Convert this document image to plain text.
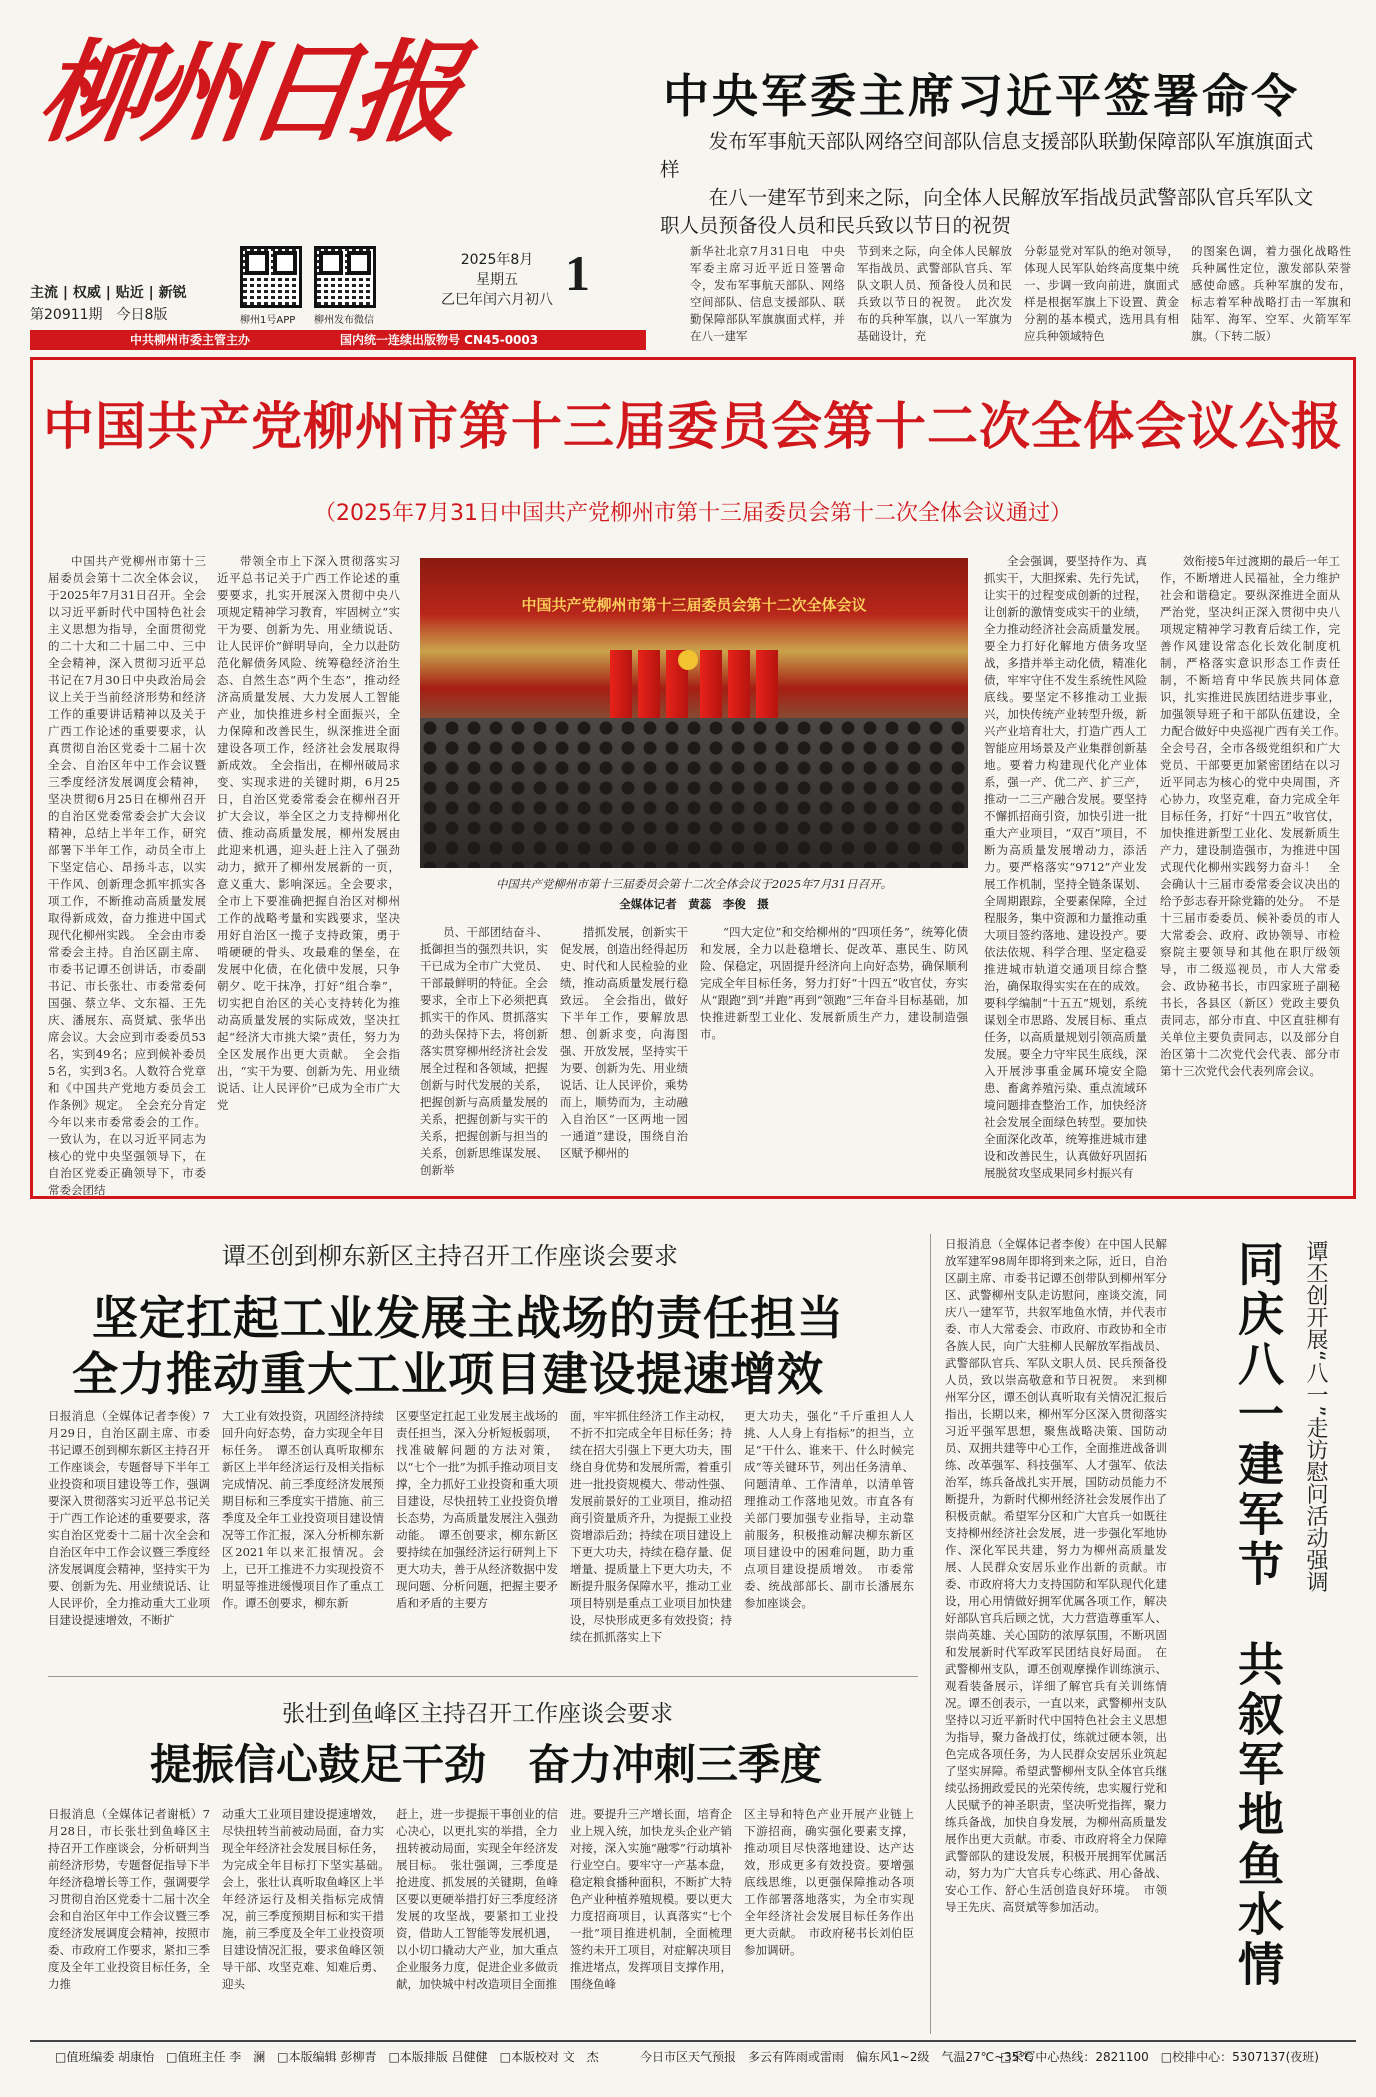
柳州日报
主流 | 权威 | 贴近 | 新锐
第20911期　今日8版	柳州1号APP	柳州发布微信
2025年8月
星期五
乙巳年闰六月初八 1
中共柳州市委主管主办	国内统一连续出版物号 CN45-0003
中央军委主席习近平签署命令
发布军事航天部队网络空间部队信息支援部队联勤保障部队军旗旗面式样
在八一建军节到来之际，向全体人民解放军指战员武警部队官兵军队文职人员预备役人员和民兵致以节日的祝贺
新华社北京7月31日电　中央军委主席习近平近日签署命令，发布军事航天部队、网络空间部队、信息支援部队、联勤保障部队军旗旗面式样，并在八一建军
节到来之际，向全体人民解放军指战员、武警部队官兵、军队文职人员、预备役人员和民兵致以节日的祝贺。　此次发布的兵种军旗，以八一军旗为基础设计，充
分彰显党对军队的绝对领导，体现人民军队始终高度集中统一、步调一致向前进，旗面式样是根据军旗上下设置、黄金分割的基本模式，选用具有相应兵种领域特色
的图案色调，着力强化战略性兵种属性定位，激发部队荣誉感使命感。兵种军旗的发布，标志着军种战略打击一军旗和陆军、海军、空军、火箭军军旗。（下转二版）
中国共产党柳州市第十三届委员会第十二次全体会议公报
（2025年7月31日中国共产党柳州市第十三届委员会第十二次全体会议通过）

中国共产党柳州市第十三届委员会第十二次全体会议，于2025年7月31日召开。全会以习近平新时代中国特色社会主义思想为指导，全面贯彻党的二十大和二十届二中、三中全会精神，深入贯彻习近平总书记在7月30日中央政治局会议上关于当前经济形势和经济工作的重要讲话精神以及关于广西工作论述的重要要求，认真贯彻自治区党委十二届十次全会、自治区年中工作会议暨三季度经济发展调度会精神，坚决贯彻6月25日在柳州召开的自治区党委常委会扩大会议精神，总结上半年工作，研究部署下半年工作，动员全市上下坚定信心、昂扬斗志，以实干作风、创新理念抓牢抓实各项工作，不断推动高质量发展取得新成效，奋力推进中国式现代化柳州实践。　全会由市委常委会主持。自治区副主席、市委书记谭丕创讲话，市委副书记、市长张壮、市委常委何国强、蔡立华、文东福、王先庆、潘展东、高贤斌、张华出席会议。大会应到市委委员53名，实到49名；应到候补委员5名，实到3名。人数符合党章和《中国共产党地方委员会工作条例》规定。　全会充分肯定今年以来市委常委会的工作。一致认为，在以习近平同志为核心的党中央坚强领导下，在自治区党委正确领导下，市委常委会团结

带领全市上下深入贯彻落实习近平总书记关于广西工作论述的重要要求，扎实开展深入贯彻中央八项规定精神学习教育，牢固树立“实干为要、创新为先、用业绩说话、让人民评价”鲜明导向，全力以赴防范化解债务风险、统筹稳经济治生态、自然生态“两个生态”，推动经济高质量发展、大力发展人工智能产业，加快推进乡村全面振兴，全力保障和改善民生，纵深推进全面建设各项工作，经济社会发展取得新成效。　全会指出，在柳州破局求变、实现求进的关键时期，6月25日，自治区党委常委会在柳州召开扩大会议，举全区之力支持柳州化债、推动高质量发展，柳州发展由此迎来机遇，迎头赶上注入了强劲动力，掀开了柳州发展新的一页，意义重大、影响深远。全会要求，全市上下要准确把握自治区对柳州工作的战略考量和实践要求，坚决用好自治区一揽子支持政策，勇于啃硬硬的骨头、攻最难的堡垒，在发展中化债，在化债中发展，只争朝夕、吃干抹净，打好“组合拳”，切实把自治区的关心支持转化为推动高质量发展的实际成效，坚决扛起“经济大市挑大梁”责任，努力为全区发展作出更大贡献。　全会指出，“实干为要、创新为先、用业绩说话、让人民评价”已成为全市广大党

中国共产党柳州市第十三届委员会第十二次全体会议
中国共产党柳州市第十三届委员会第十二次全体会议于2025年7月31日召开。
全媒体记者　黄蕊　李俊　摄

员、干部团结奋斗、抵御担当的强烈共识，实干已成为全市广大党员、干部最鲜明的特征。全会要求，全市上下必须把真抓实干的作风、贯抓落实的劲头保持下去，将创新落实贯穿柳州经济社会发展全过程和各领域，把握创新与时代发展的关系，把握创新与高质量发展的关系，把握创新与实干的关系，把握创新与担当的关系，创新思维谋发展、创新举

措抓发展，创新实干促发展，创造出经得起历史、时代和人民检验的业绩，推动高质量发展行稳致远。　全会指出，做好下半年工作，要解放思想、创新求变，向海图强、开放发展，坚持实干为要、创新为先、用业绩说话、让人民评价，乘势而上，顺势而为，主动融入自治区“一区两地一园一通道”建设，围绕自治区赋予柳州的

“四大定位”和交给柳州的“四项任务”，统筹化债和发展，全力以赴稳增长、促改革、惠民生、防风险、保稳定，巩固提升经济向上向好态势，确保顺利完成全年目标任务，努力打好“十四五”收官仗，夯实从“跟跑”到“并跑”再到“领跑”三年奋斗目标基础，加快推进新型工业化、发展新质生产力，建设制造强市。

全会强调，要坚持作为、真抓实干，大胆探索、先行先试，让实干的过程变成创新的过程，让创新的激情变成实干的业绩，全力推动经济社会高质量发展。要全力打好化解地方债务攻坚战，多措并举主动化债，精准化债，牢牢守住不发生系统性风险底线。要坚定不移推动工业振兴，加快传统产业转型升级，新兴产业培育壮大，打造广西人工智能应用场景及产业集群创新基地。要着力构建现代化产业体系，强一产、优二产、扩三产，推动一二三产融合发展。要坚持不懈抓招商引资，加快引进一批重大产业项目，“双百”项目，不断为高质量发展增动力，添活力。要严格落实“9712”产业发展工作机制，坚持全链条谋划、全周期跟踪，全要素保障，全过程服务，集中资源和力量推动重大项目签约落地、建设投产。要依法依规、科学合理、坚定稳妥推进城市轨道交通项目综合整治，确保取得实实在在的成效。要科学编制“十五五”规划，系统谋划全市思路、发展目标、重点任务，以高质量规划引领高质量发展。要全力守牢民生底线，深入开展涉事重金属环境安全隐患、畜禽养殖污染、重点流域环境问题排查整治工作，加快经济社会发展全面绿色转型。要加快全面深化改革，统筹推进城市建设和改善民生，认真做好巩固拓展脱贫攻坚成果同乡村振兴有

效衔接5年过渡期的最后一年工作，不断增进人民福祉，全力维护社会和谐稳定。要纵深推进全面从严治党，坚决纠正深入贯彻中央八项规定精神学习教育后续工作，完善作风建设常态化长效化制度机制，严格落实意识形态工作责任制，不断培育中华民族共同体意识，扎实推进民族团结进步事业，加强领导班子和干部队伍建设，全力配合做好中央巡视广西有关工作。　全会号召，全市各级党组织和广大党员、干部要更加紧密团结在以习近平同志为核心的党中央周围，齐心协力，攻坚克难，奋力完成全年目标任务，打好“十四五”收官仗，加快推进新型工业化、发展新质生产力，建设制造强市，为推进中国式现代化柳州实践努力奋斗！　全会确认十三届市委常委会议决出的给予彭志春开除党籍的处分。　不是十三届市委委员、候补委员的市人大常委会、政府、政协领导、市检察院主要领导和其他在职厅级领导，市二级巡视员，市人大常委会、政协秘书长，市四家班子副秘书长，各县区（新区）党政主要负责同志，部分市直、中区直驻柳有关单位主要负责同志，以及部分自治区第十二次党代会代表、部分市第十三次党代会代表列席会议。

谭丕创到柳东新区主持召开工作座谈会要求
坚定扛起工业发展主战场的责任担当
全力推动重大工业项目建设提速增效
日报消息（全媒体记者李俊）7月29日，自治区副主席、市委书记谭丕创到柳东新区主持召开工作座谈会，专题督导下半年工业投资和项目建设等工作，强调要深入贯彻落实习近平总书记关于广西工作论述的重要要求，落实自治区党委十二届十次全会和自治区年中工作会议暨三季度经济发展调度会精神，坚持实干为要、创新为先、用业绩说话、让人民评价，全力推动重大工业项目建设提速增效，不断扩
大工业有效投资，巩固经济持续回升向好态势，奋力实现全年目标任务。　谭丕创认真听取柳东新区上半年经济运行及相关指标完成情况、前三季度经济发展预期目标和三季度实干措施、前三季度及全年工业投资项目建设情况等工作汇报，深入分析柳东新区2021年以来汇报情况。会上，已开工推进不力实现投资不明显等推进缓慢项目作了重点工作。谭丕创要求，柳东新
区要坚定扛起工业发展主战场的责任担当，深入分析短板弱项，找准破解问题的方法对策，以“七个一批”为抓手推动项目支撑，全力抓好工业投资和重大项目建设，尽快扭转工业投资负增长态势，为高质量发展注入强劲动能。　谭丕创要求，柳东新区要持续在加强经济运行研判上下更大功夫，善于从经济数据中发现问题、分析问题，把握主要矛盾和矛盾的主要方
面，牢牢抓住经济工作主动权，不折不扣完成全年目标任务；持续在招大引强上下更大功夫，围绕自身优势和发展所需，着重引进一批投资规模大、带动性强、发展前景好的工业项目，推动招商引资量质齐升，为提振工业投资增添后劲；持续在项目建设上下更大功夫，持续在稳存量、促增量、提质量上下更大功夫，不断提升服务保障水平，推动工业项目特别是重点工业项目加快建设，尽快形成更多有效投资；持续在抓抓落实上下
更大功夫，强化“千斤重担人人挑、人人身上有指标”的担当，立足“干什么、谁来干、什么时候完成”等关键环节，列出任务清单、问题清单、工作清单，以清单管理推动工作落地见效。市直各有关部门要加强专业指导，主动靠前服务，积极推动解决柳东新区项目建设中的困难问题，助力重点项目建设提质增效。　市委常委、统战部部长、副市长潘展东参加座谈会。
张壮到鱼峰区主持召开工作座谈会要求
提振信心鼓足干劲　奋力冲刺三季度
日报消息（全媒体记者谢柢）7月28日，市长张壮到鱼峰区主持召开工作座谈会，分析研判当前经济形势，专题督促指导下半年经济稳增长等工作，强调要学习贯彻自治区党委十二届十次全会和自治区年中工作会议暨三季度经济发展调度会精神，按照市委、市政府工作要求，紧扣三季度及全年工业投资目标任务，全力推
动重大工业项目建设提速增效，尽快扭转当前被动局面，奋力实现全年经济社会发展目标任务，为完成全年目标打下坚实基础。　会上，张壮认真听取鱼峰区上半年经济运行及相关指标完成情况，前三季度预期目标和实干措施，前三季度及全年工业投资项目建设情况汇报，要求鱼峰区领导干部、攻坚克难、知难后勇、迎头
赶上，进一步提振干事创业的信心决心，以更扎实的举措，全力扭转被动局面，实现全年经济发展目标。　张壮强调，三季度是抢进度、抓发展的关键期，鱼峰区要以更硬举措打好三季度经济发展的攻坚战，要紧扣工业投资，借助人工智能等发展机遇，以小切口撬动大产业，加大重点企业服务力度，促进企业多做贡献，加快城中村改造项目全面推
进。要提升三产增长面，培育企业上规入统，加快龙头企业产销对接，深入实施“融零”行动填补行业空白。要牢守一产基本盘，稳定粮食播种面积，不断扩大特色产业种植养殖规模。要以更大力度招商项目，认真落实“七个一批”项目推进机制，全面梳理签约未开工项目，对症解决项目推进堵点，发挥项目支撑作用，围绕鱼峰
区主导和特色产业开展产业链上下游招商，确实强化要素支撑，推动项目尽快落地建设、达产达效，形成更多有效投资。要增强底线思维，以更强保障推动各项工作部署落地落实，为全市实现全年经济社会发展目标任务作出更大贡献。　市政府秘书长刘伯臣参加调研。
日报消息（全媒体记者李俊）在中国人民解放军建军98周年即将到来之际，近日，自治区副主席、市委书记谭丕创带队到柳州军分区、武警柳州支队走访慰问，座谈交流，同庆八一建军节，共叙军地鱼水情，并代表市委、市人大常委会、市政府、市政协和全市各族人民，向广大驻柳人民解放军指战员、武警部队官兵、军队文职人员、民兵预备役人员，致以崇高敬意和节日祝贺。　来到柳州军分区，谭丕创认真听取有关情况汇报后指出，长期以来，柳州军分区深入贯彻落实习近平强军思想，聚焦战略决策、国防动员、双拥共建等中心工作，全面推进战备训练、改革强军、科技强军、人才强军、依法治军，练兵备战扎实开展，国防动员能力不断提升，为新时代柳州经济社会发展作出了积极贡献。希望军分区和广大官兵一如既往支持柳州经济社会发展，进一步强化军地协作、深化军民共建，努力为柳州高质量发展、人民群众安居乐业作出新的贡献。市委、市政府将大力支持国防和军队现代化建设，用心用情做好拥军优属各项工作，解决好部队官兵后顾之忧，大力营造尊重军人、崇尚英雄、关心国防的浓厚氛围，不断巩固和发展新时代军政军民团结良好局面。　在武警柳州支队，谭丕创观摩操作训练演示、观看装备展示，详细了解官兵有关训练情况。谭丕创表示，一直以来，武警柳州支队坚持以习近平新时代中国特色社会主义思想为指导，聚力备战打仗，练就过硬本领，出色完成各项任务，为人民群众安居乐业筑起了坚实屏障。希望武警柳州支队全体官兵继续弘扬拥政爱民的光荣传统，忠实履行党和人民赋予的神圣职责，坚决听党指挥，聚力练兵备战，加快自身发展，为柳州高质量发展作出更大贡献。市委、市政府将全力保障武警部队的建设发展，积极开展拥军优属活动，努力为广大官兵专心练武、用心备战、安心工作、舒心生活创造良好环境。　市领导王先庆、高贤斌等参加活动。
谭丕创开展“八一”走访慰问活动强调
同庆八一建军节　共叙军地鱼水情
□值班编委 胡康怡　□值班主任 李　澜　□本版编辑 彭柳青　□本版排版 吕健健　□本版校对 文　杰	今日市区天气预报　多云有阵雨或雷雨　偏东风1~2级　气温27℃~35℃
□采写中心热线：2821100　□校排中心：5307137(夜班)
